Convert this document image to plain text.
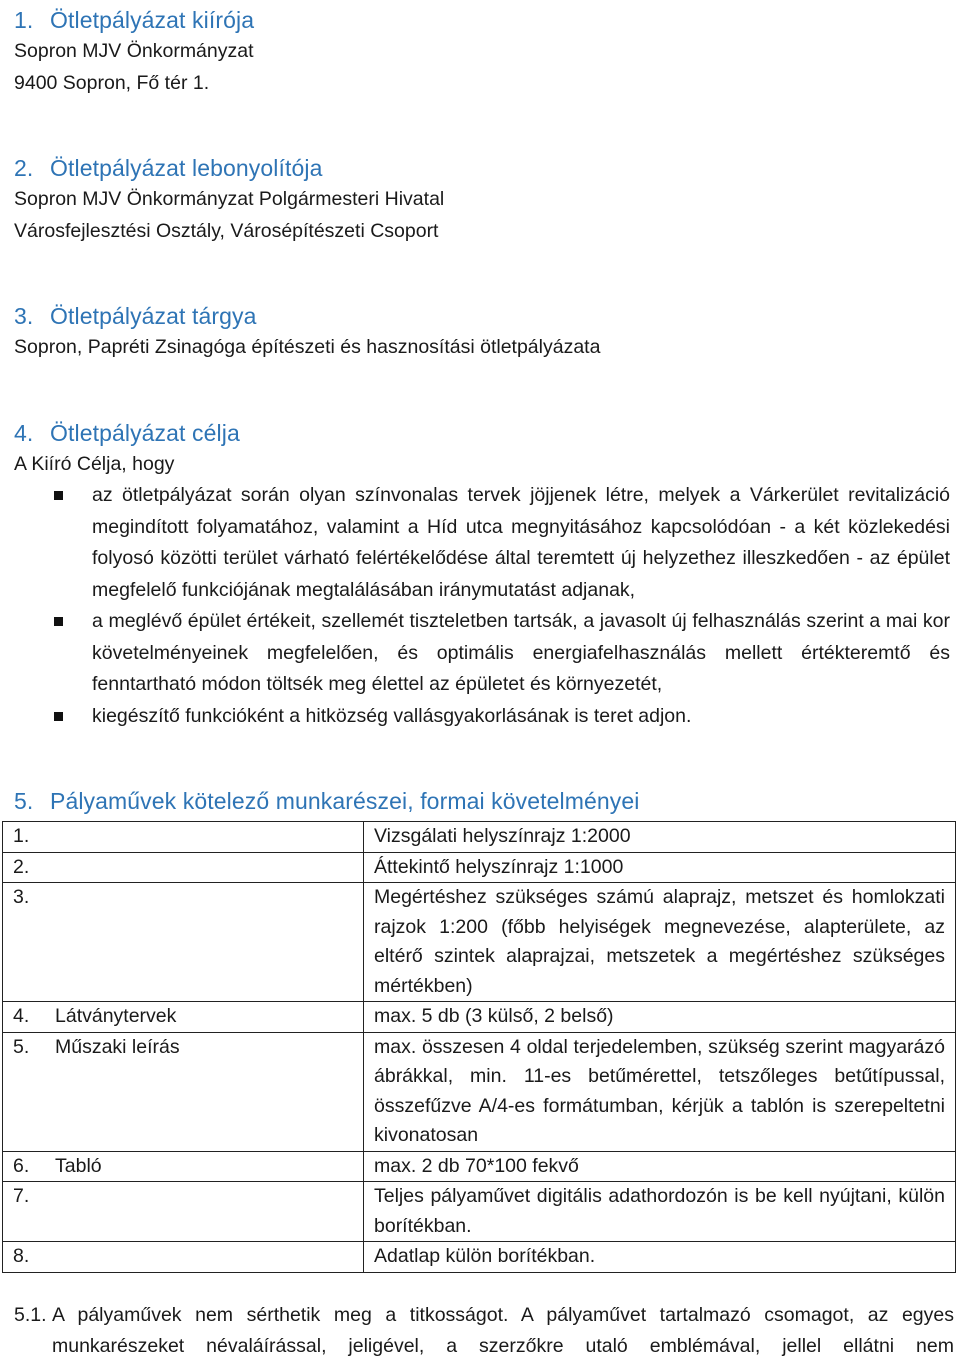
1. Ötletpályázat kiírója
Sopron MJV Önkormányzat
9400 Sopron, Fő tér 1.
2. Ötletpályázat lebonyolítója
Sopron MJV Önkormányzat Polgármesteri Hivatal
Városfejlesztési Osztály, Városépítészeti Csoport
3. Ötletpályázat tárgya
Sopron, Papréti Zsinagóga építészeti és hasznosítási ötletpályázata
4. Ötletpályázat célja
A Kiíró Célja, hogy
az ötletpályázat során olyan színvonalas tervek jöjjenek létre, melyek a Várkerület revitalizáció megindított folyamatához, valamint a Híd utca megnyitásához kapcsolódóan - a két közlekedési folyosó közötti terület várható felértékelődése által teremtett új helyzethez illeszkedően - az épület megfelelő funkciójának megtalálásában iránymutatást adjanak,
a meglévő épület értékeit, szellemét tiszteletben tartsák, a javasolt új felhasználás szerint a mai kor követelményeinek megfelelően, és optimális energiafelhasználás mellett értékteremtő és fenntartható módon töltsék meg élettel az épületet és környezetét,
kiegészítő funkcióként a hitközség vallásgyakorlásának is teret adjon.
5. Pályaművek kötelező munkarészei, formai követelményei
1.	Vizsgálati helyszínrajz 1:2000
2.	Áttekintő helyszínrajz 1:1000
3.	Megértéshez szükséges számú alaprajz, metszet és homlokzati rajzok 1:200 (főbb helyiségek megnevezése, alapterülete, az eltérő szintek alaprajzai, metszetek a megértéshez szükséges mértékben)
4. Látványtervek	max. 5 db (3 külső, 2 belső)
5. Műszaki leírás	max. összesen 4 oldal terjedelemben, szükség szerint magyarázó ábrákkal, min. 11-es betűmérettel, tetszőleges betűtípussal, összefűzve A/4-es formátumban, kérjük a tablón is szerepeltetni kivonatosan
6. Tabló	max. 2 db 70*100 fekvő
7.	Teljes pályaművet digitális adathordozón is be kell nyújtani, külön borítékban.
8.	Adatlap külön borítékban.
5.1. A pályaművek nem sérthetik meg a titkosságot. A pályaművet tartalmazó csomagot, az egyes munkarészeket névaláírással, jeligével, a szerzőkre utaló emblémával, jellel ellátni nem
